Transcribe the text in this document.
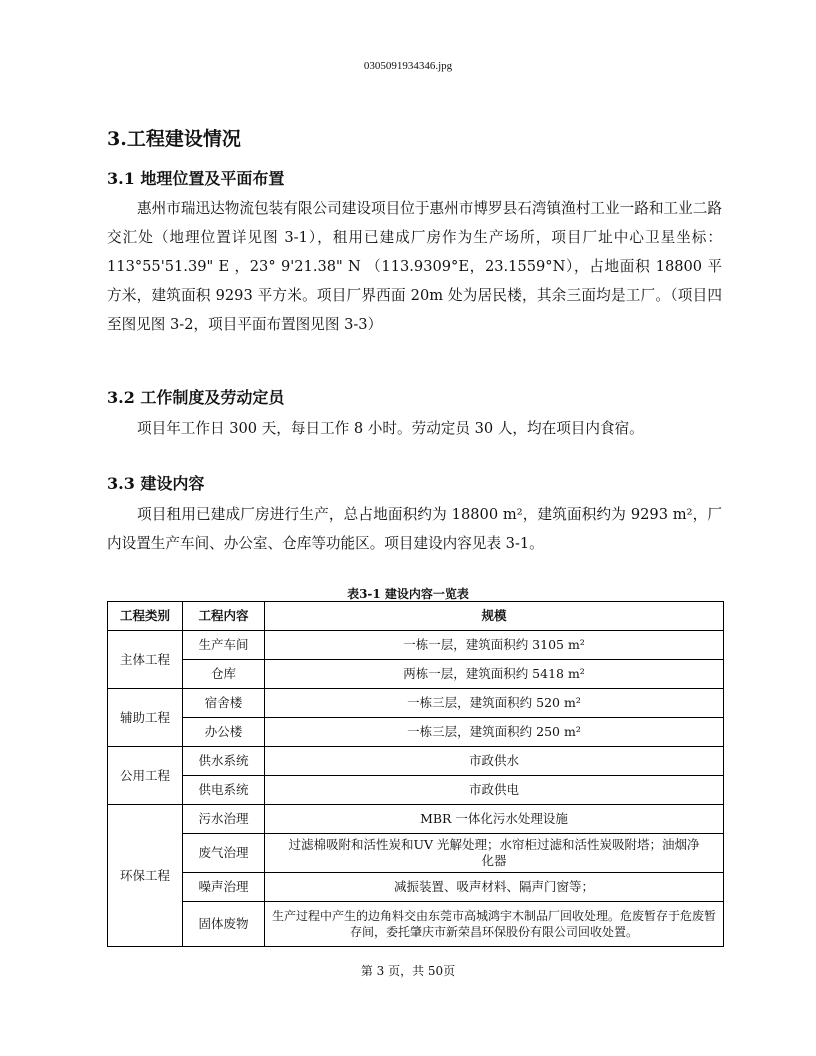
0305091934346.jpg
3.工程建设情况
3.1 地理位置及平面布置

惠州市瑞迅达物流包装有限公司建设项目位于惠州市博罗县石湾镇渔村工业一路和工业二路交汇处（地理位置详见图 3-1），租用已建成厂房作为生产场所，项目厂址中心卫星坐标：113°55'51.39" E ，23° 9'21.38" N （113.9309°E，23.1559°N），占地面积 18800 平方米，建筑面积 9293 平方米。项目厂界西面 20m 处为居民楼，其余三面均是工厂。（项目四至图见图 3-2，项目平面布置图见图 3-3）

3.2 工作制度及劳动定员

项目年工作日 300 天，每日工作 8 小时。劳动定员 30 人，均在项目内食宿。

3.3 建设内容

项目租用已建成厂房进行生产，总占地面积约为 18800 m²，建筑面积约为 9293 m²，厂内设置生产车间、办公室、仓库等功能区。项目建设内容见表 3-1。

表3-1 建设内容一览表
工程类别	工程内容	规模
主体工程	生产车间	一栋一层，建筑面积约 3105 m²
	仓库	两栋一层，建筑面积约 5418 m²
辅助工程	宿舍楼	一栋三层，建筑面积约 520 m²
	办公楼	一栋三层，建筑面积约 250 m²
公用工程	供水系统	市政供水
	供电系统	市政供电
环保工程	污水治理	MBR 一体化污水处理设施
	废气治理	过滤棉吸附和活性炭和UV 光解处理；水帘柜过滤和活性炭吸附塔；油烟净化器
	噪声治理	减振装置、吸声材料、隔声门窗等；
	固体废物	生产过程中产生的边角料交由东莞市高城鸿宇木制品厂回收处理。危废暂存于危废暂存间，委托肇庆市新荣昌环保股份有限公司回收处置。
第 3 页，共 50页
